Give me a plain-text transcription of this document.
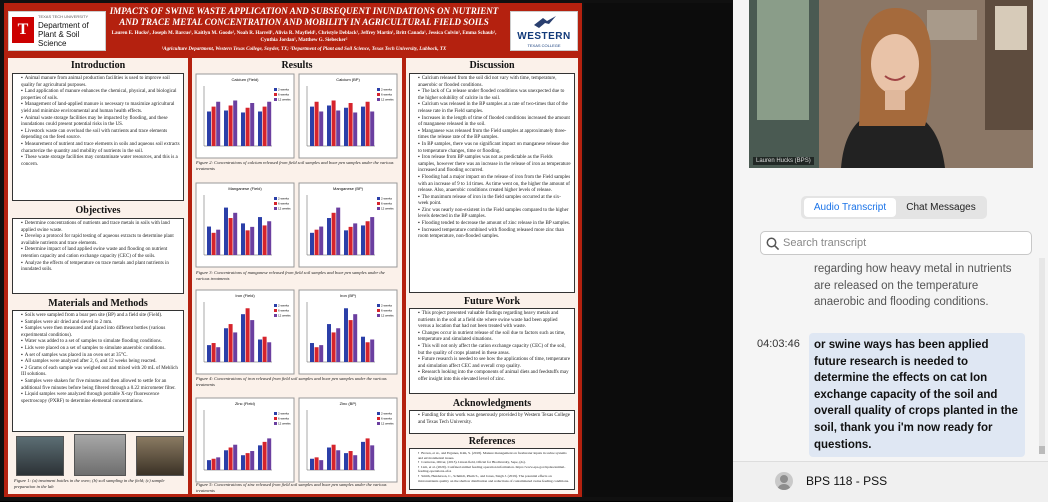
T
TEXAS TECH UNIVERSITY
Department of Plant & Soil Science
IMPACTS OF SWINE WASTE APPLICATION AND SUBSEQUENT INUNDATIONS ON NUTRIENT AND TRACE METAL CONCENTRATION AND MOBILITY IN AGRICULTURAL FIELD SOILS
Lauren E. Hucks¹, Joseph M. Barcus¹, Kaitlyn M. Goode¹, Noah R. Harrell¹, Alivia R. Mayfield¹, Christyle Deblack¹, Jeffrey Martin¹, Britt Canada¹, Jessica Colvin¹, Emma Schaub¹, Cynthia Jordan¹, Matthew G. Siebecker²
¹Agriculture Department, Western Texas College, Snyder, TX; ²Department of Plant and Soil Science, Texas Tech University, Lubbock, TX
WESTERN
TEXAS COLLEGE
Introduction
▪ Animal manure from animal production facilities is used to improve soil quality for agricultural purposes.
▪ Land application of manure enhances the chemical, physical, and biological properties of soils.
▪ Management of land-applied manure is necessary to maximize agricultural yield and minimize environmental and human health effects.
▪ Animal waste storage facilities may be impacted by flooding, and these inundations could present potential risks in the US.
▪ Livestock waste can overload the soil with nutrients and trace elements depending on the feed source.
▪ Measurement of nutrient and trace elements in soils and aqueous soil extracts characterize the quantity and mobility of nutrients in the soil.
▪ These waste storage facilities may contaminate water resources, and this is a concern.
Objectives
▪ Determine concentrations of nutrients and trace metals in soils with land applied swine waste.
▪ Develop a protocol for rapid testing of aqueous extracts to determine plant available nutrients and trace elements.
▪ Determine impact of land applied swine waste and flooding on nutrient retention capacity and cation exchange capacity (CEC) of the soils.
▪ Analyze the effects of temperature on trace metals and plant nutrients in inundated soils.
Materials and Methods
▪ Soils were sampled from a boar pen site (BP) and a field site (Field).
▪ Samples were air dried and sieved to 2 mm.
▪ Samples were then measured and placed into different bottles (various experimental conditions).
▪ Water was added to a set of samples to simulate flooding conditions.
▪ Lids were placed on a set of samples to simulate anaerobic conditions.
▪ A set of samples was placed in an oven set at 35°C.
▪ All samples were analyzed after 2, 6, and 12 weeks being reacted.
▪ 2 Grams of each sample was weighed out and mixed with 20 mL of Mehlich III solutions.
▪ Samples were shaken for five minutes and then allowed to settle for an additional five minutes before being filtered through a 0.22 micrometer filter.
▪ Liquid samples were analyzed through portable X-ray fluorescence spectroscopy (PXRF) to determine elemental concentrations.
Figure 1: (a) treatment bottles in the oven; (b) soil sampling in the field; (c) sample preparation in the lab
Results
Calcium (Field)
2 weeks
6 weeks
12 weeks
Calcium (BP)
2 weeks
6 weeks
12 weeks
Manganese (Field)
2 weeks
6 weeks
12 weeks
Manganese (BP)
2 weeks
6 weeks
12 weeks
Iron (Field)
2 weeks
6 weeks
12 weeks
Iron (BP)
2 weeks
6 weeks
12 weeks
Zinc (Field)
2 weeks
6 weeks
12 weeks
Zinc (BP)
2 weeks
6 weeks
12 weeks
Figure 2: Concentrations of calcium released from field soil samples and boar pen samples under the various treatments
Figure 3: Concentrations of manganese released from field soil samples and boar pen samples under the various treatments
Figure 4: Concentrations of iron released from field soil samples and boar pen samples under the various treatments
Figure 5: Concentrations of zinc released from field soil samples and boar pen samples under the various treatments
Discussion
▪ Calcium released from the soil did not vary with time, temperature, anaerobic or flooded conditions.
▪ The lack of Ca release under flooded conditions was unexpected due to the higher solubility of calcite in the soil.
▪ Calcium was released in the BP samples at a rate of two-times that of the release rate in the Field samples.
▪ Increases in the length of time of flooded conditions increased the amount of manganese released in the soil.
▪ Manganese was released from the Field samples at approximately three-times the release rate of the BP samples.
▪ In BP samples, there was no significant impact on manganese release due to temperature changes, time or flooding.
▪ Iron release from BP samples was not as predictable as the Fields samples, however there was an increase in the release of iron as temperature increased and flooding occurred.
▪ Flooding had a major impact on the release of iron from the Field samples with an increase of 9 to 14 times. As time went on, the higher the amount of release. Also, anaerobic conditions created higher levels of release.
▪ The maximum release of iron in the field samples occurred at the six-week point.
▪ Zinc was nearly non-existent in the Field samples compared to the higher levels detected in the BP samples.
▪ Flooding tended to decrease the amount of zinc release in the BP samples.
▪ Increased temperature combined with flooding released more zinc than room temperature, non-flooded samples.
Future Work
▪ This project presented valuable findings regarding heavy metals and nutrients in the soil at a field site where swine waste had been applied versus a location that had not been treated with waste.
▪ Changes occur in nutrient release of the soil due to factors such as time, temperature and simulated situations.
▪ This will not only affect the cation exchange capacity (CEC) of the soil, but the quality of crops planted in these areas.
▪ Future research is needed to see how the applications of time, temperature and simulation affect CEC and overall crop quality.
▪ Research looking into the components of animal diets and feedstuffs may offer insight into this elevated level of zinc.
Acknowledgments
▪ Funding for this work was generously provided by Western Texas College and Texas Tech University.
References
▪ Brown, et al., and Ergunes, Kim, S. (2018). Manure management on freshwater inputs in swine systems and environmental issues.
▪ Contreras, Oliver, (2013). Lituan field, Oficial for Biodiversity, Sepe, (ds).
▪ Lim, et al. (2020). Confined animal feeding operation information. https://www.epa.gov/npdes/animal-feeding-operations-afos
▪ Smith, Henderson, C., Schmidt, Pham S., and Jones, Singh J. (2019). The potential effects on micronutrients quality on the shallow distribution and reductions of contaminated swine feeding conditions.
Lauren Hucks (BPS)
Audio Transcript	Chat Messages
Search transcript
regarding how heavy metal in nutrients are released on the temperature anaerobic and flooding conditions.
04:03:46	or swine ways has been applied future research is needed to determine the effects on cat Ion exchange capacity of the soil and overall quality of crops planted in the soil, thank you i'm now ready for questions.
BPS 118 - PSS
